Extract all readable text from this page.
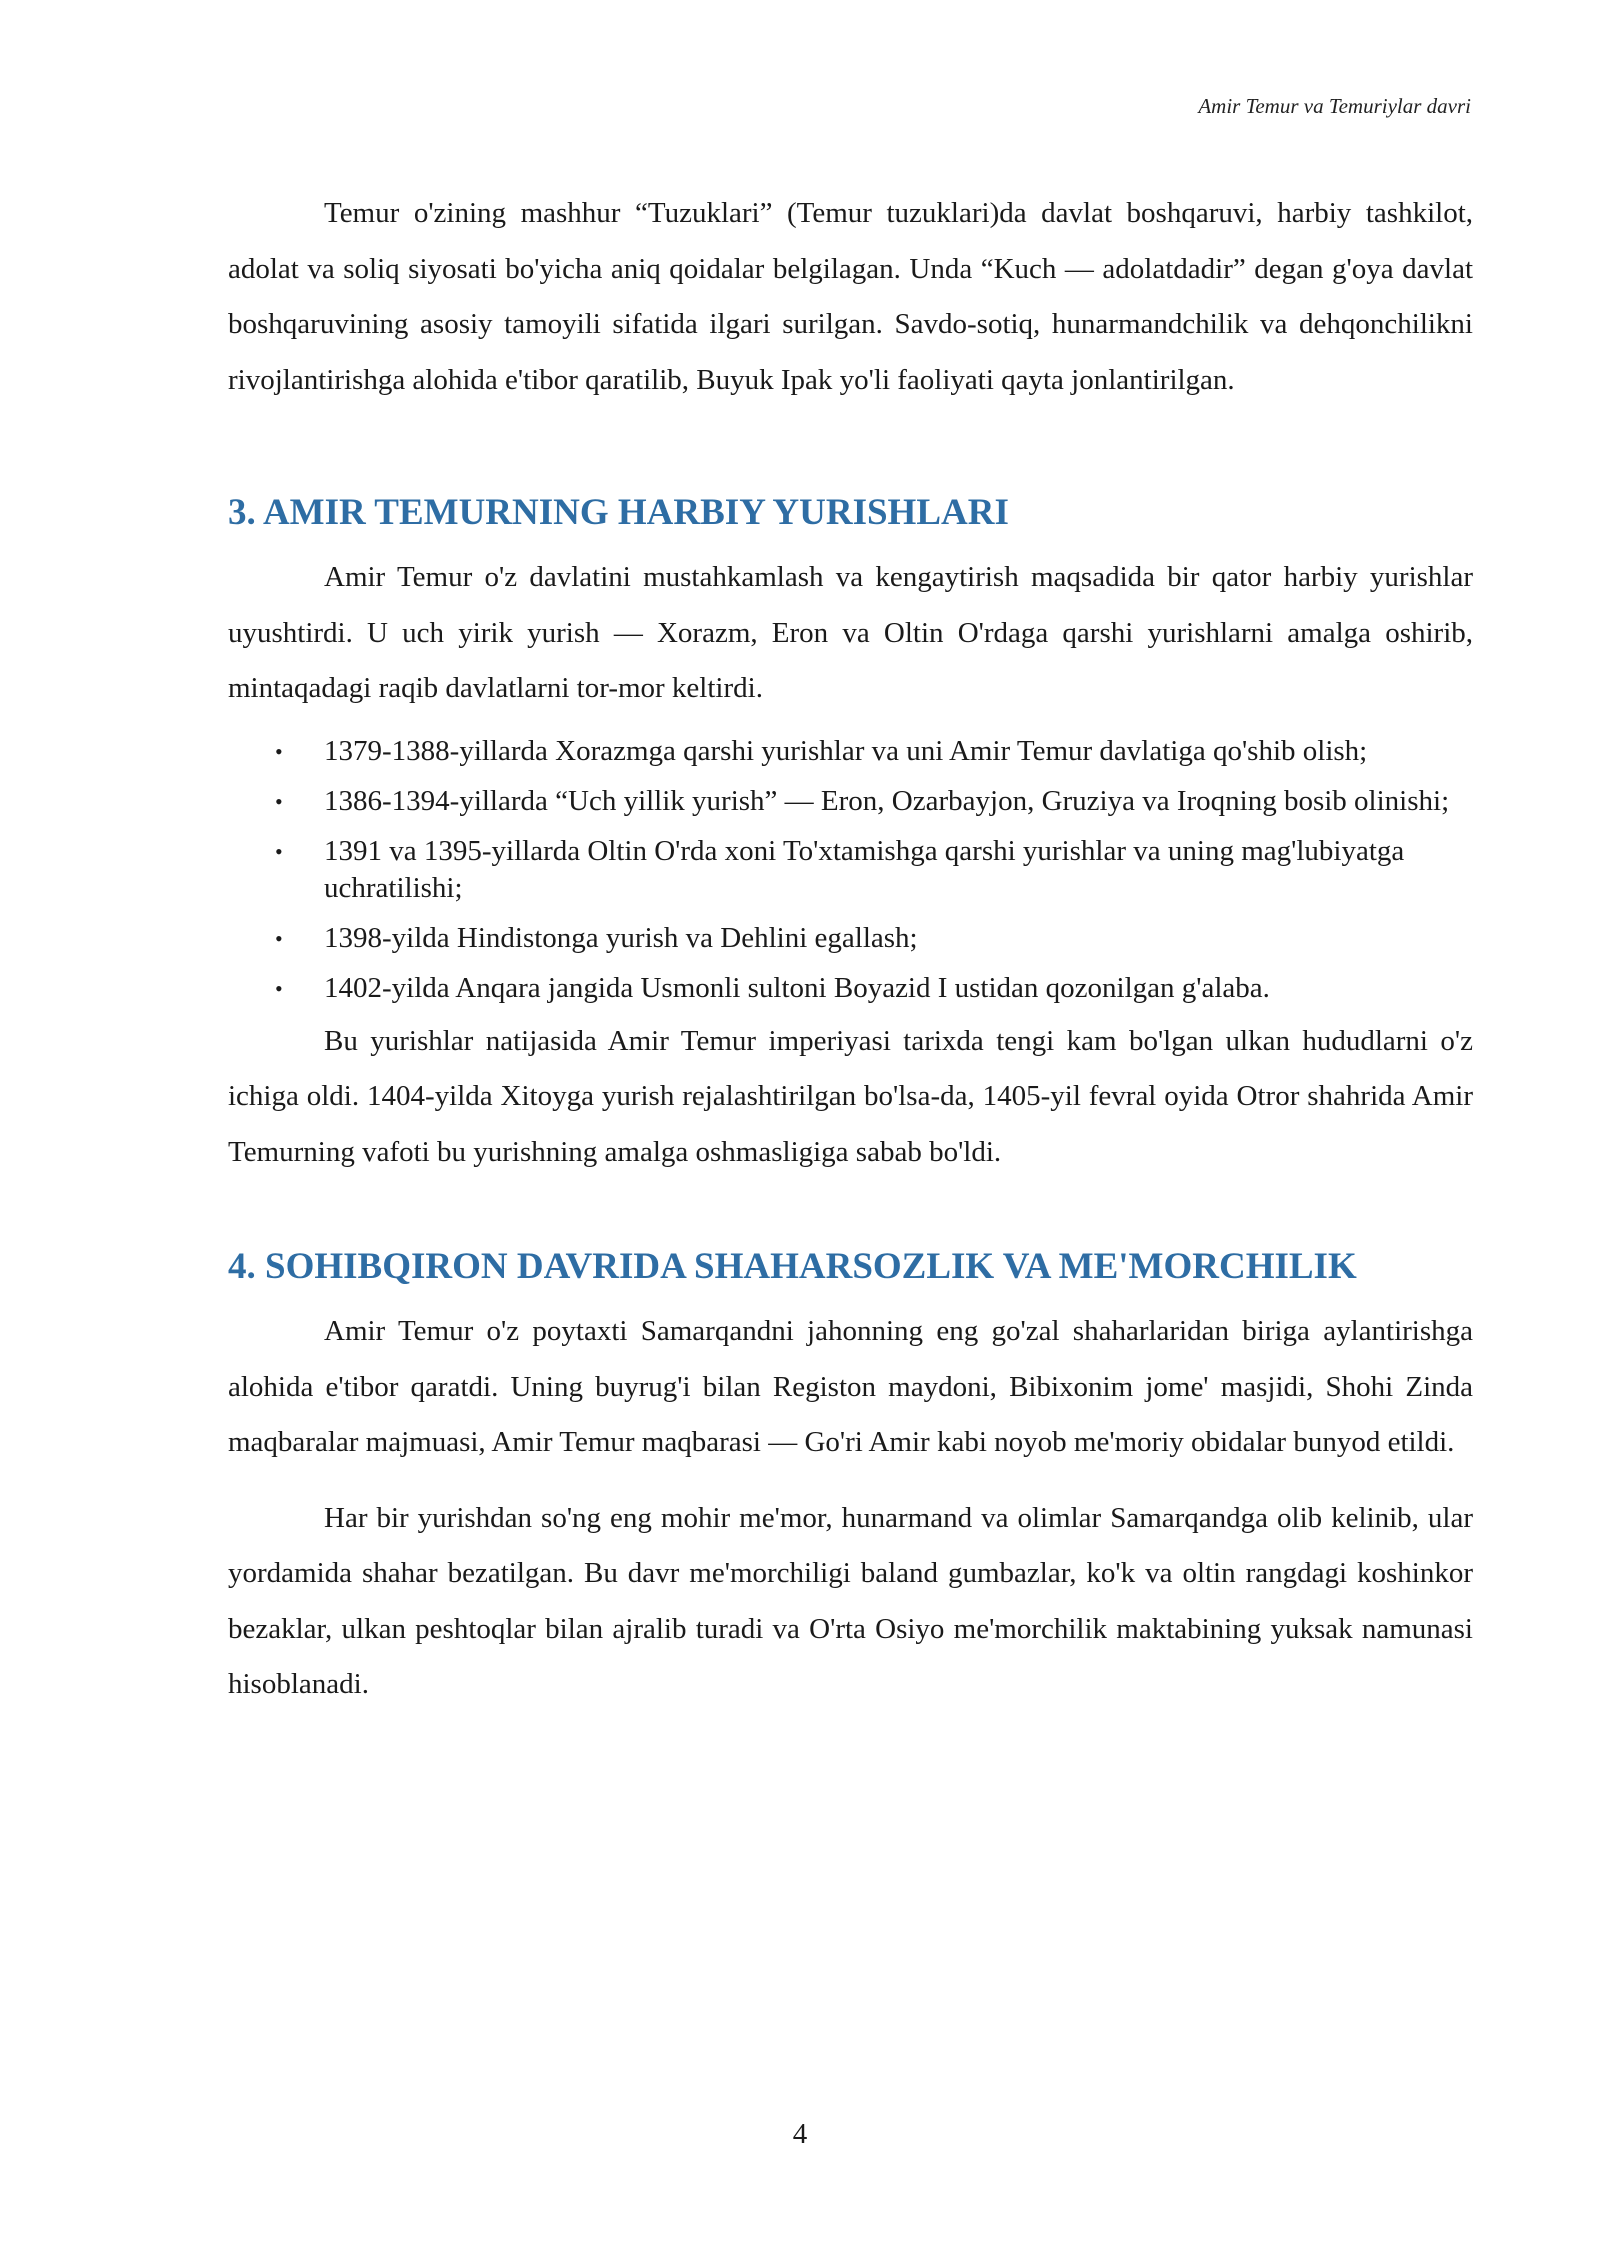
Amir Temur va Temuriylar davri

Temur o'zining mashhur “Tuzuklari” (Temur tuzuklari)da davlat boshqaruvi, harbiy tashkilot, adolat va soliq siyosati bo'yicha aniq qoidalar belgilagan. Unda “Kuch — adolatdadir” degan g'oya davlat boshqaruvining asosiy tamoyili sifatida ilgari surilgan. Savdo-sotiq, hunarmandchilik va dehqonchilikni rivojlantirishga alohida e'tibor qaratilib, Buyuk Ipak yo'li faoliyati qayta jonlantirilgan.

3. AMIR TEMURNING HARBIY YURISHLARI

Amir Temur o'z davlatini mustahkamlash va kengaytirish maqsadida bir qator harbiy yurishlar uyushtirdi. U uch yirik yurish — Xorazm, Eron va Oltin O'rdaga qarshi yurishlarni amalga oshirib, mintaqadagi raqib davlatlarni tor-mor keltirdi.

• 1379-1388-yillarda Xorazmga qarshi yurishlar va uni Amir Temur davlatiga qo'shib olish;
• 1386-1394-yillarda “Uch yillik yurish” — Eron, Ozarbayjon, Gruziya va Iroqning bosib olinishi;
• 1391 va 1395-yillarda Oltin O'rda xoni To'xtamishga qarshi yurishlar va uning mag'lubiyatga uchratilishi;
• 1398-yilda Hindistonga yurish va Dehlini egallash;
• 1402-yilda Anqara jangida Usmonli sultoni Boyazid I ustidan qozonilgan g'alaba.

Bu yurishlar natijasida Amir Temur imperiyasi tarixda tengi kam bo'lgan ulkan hududlarni o'z ichiga oldi. 1404-yilda Xitoyga yurish rejalashtirilgan bo'lsa-da, 1405-yil fevral oyida Otror shahrida Amir Temurning vafoti bu yurishning amalga oshmasligiga sabab bo'ldi.

4. SOHIBQIRON DAVRIDA SHAHARSOZLIK VA ME'MORCHILIK

Amir Temur o'z poytaxti Samarqandni jahonning eng go'zal shaharlaridan biriga aylantirishga alohida e'tibor qaratdi. Uning buyrug'i bilan Registon maydoni, Bibixonim jome' masjidi, Shohi Zinda maqbaralar majmuasi, Amir Temur maqbarasi — Go'ri Amir kabi noyob me'moriy obidalar bunyod etildi.

Har bir yurishdan so'ng eng mohir me'mor, hunarmand va olimlar Samarqandga olib kelinib, ular yordamida shahar bezatilgan. Bu davr me'morchiligi baland gumbazlar, ko'k va oltin rangdagi koshinkor bezaklar, ulkan peshtoqlar bilan ajralib turadi va O'rta Osiyo me'morchilik maktabining yuksak namunasi hisoblanadi.

4
